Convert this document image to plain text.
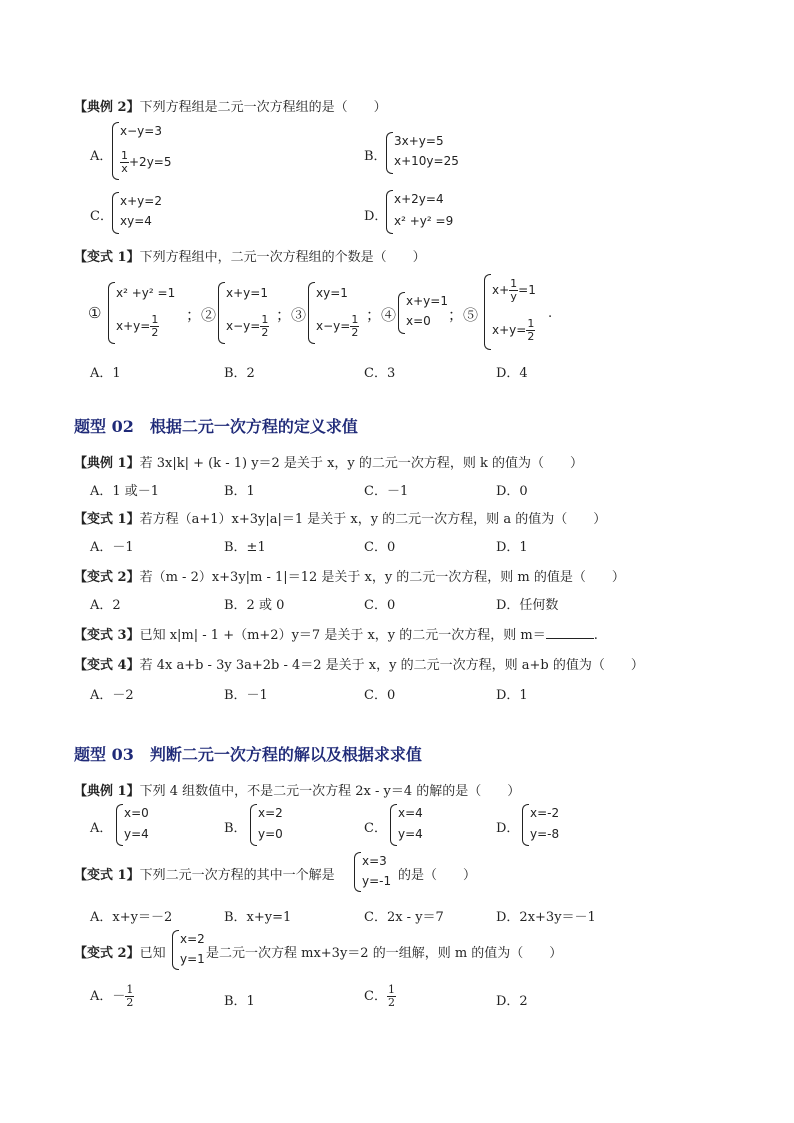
【典例 2】下列方程组是二元一次方程组的是（　　）
A．
x−y=3
$\frac{1}{x} +2y=5$	B．
3x+y=5
x+10y=25
C．
x+y=2
xy=4	D．
x+2y=4
x² +y² =9
【变式 1】下列方程组中，二元一次方程组的个数是（　　）
①
x² +y² =1
$x+y= \frac{1}{2}$ ；②
x+y=1
$x-y= \frac{1}{2}$ ；③
xy=1
$x-y= \frac{1}{2}$ ；④
x+y=1
x=0 ；⑤
$x+ \frac{1}{y} =1$
$x+y= \frac{1}{2}$
.
A．1	B．2	C．3	D．4
题型 02　根据二元一次方程的定义求值
【典例 1】若 3x|k| + (k - 1) y＝2 是关于 x，y 的二元一次方程，则 k 的值为（　　）
A．1 或－1	B．1	C．－1	D．0
【变式 1】若方程（a+1）x+3y|a|＝1 是关于 x，y 的二元一次方程，则 a 的值为（　　）
A．－1	B．±1	C．0	D．1
【变式 2】若（m - 2）x+3y|m - 1|＝12 是关于 x，y 的二元一次方程，则 m 的值是（　　）
A．2	B．2 或 0	C．0	D．任何数
【变式 3】已知 x|m| - 1 +（m+2）y＝7 是关于 x，y 的二元一次方程，则 m＝	.
【变式 4】若 4x a+b - 3y 3a+2b - 4＝2 是关于 x，y 的二元一次方程，则 a+b 的值为（　　）
A．－2	B．－1	C．0	D．1
题型 03　判断二元一次方程的解以及根据求求值
【典例 1】下列 4 组数值中，不是二元一次方程 2x - y＝4 的解的是（　　）
A．
x=0
y=4	B．
x=2
y=0	C．
x=4
y=4	D．
x=-2
y=-8
【变式 1】下列二元一次方程的其中一个解是
x=3
y=-1 的是（　　）
A．x+y＝－2	B．x+y=1	C．2x - y＝7	D．2x+3y＝－1
【变式 2】已知
x=2
y=1 是二元一次方程 mx+3y＝2 的一组解，则 m 的值为（　　）
A．－ $\frac{1}{2}$	B．1	C． $\frac{1}{2}$	D．2
